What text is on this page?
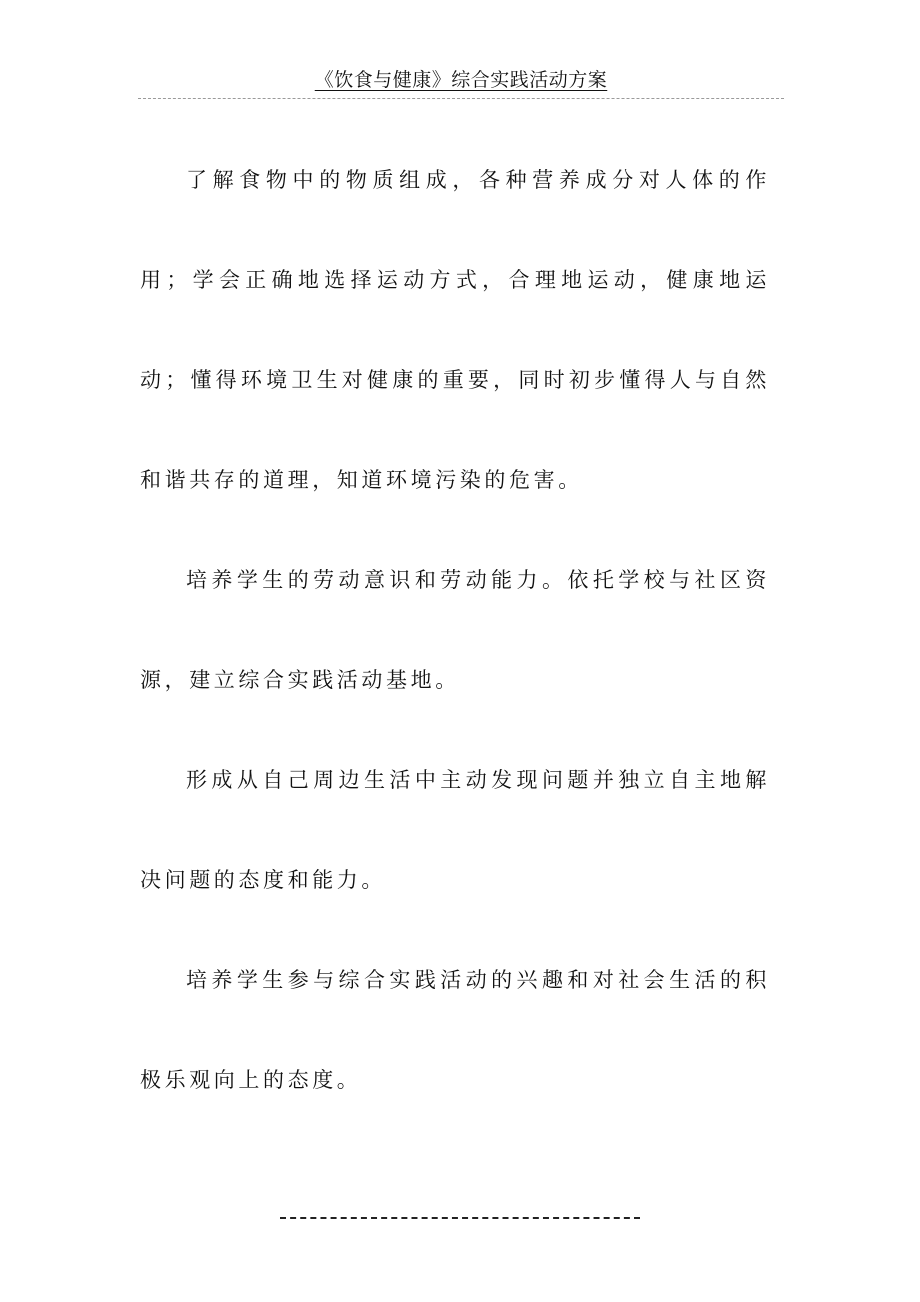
《饮食与健康》综合实践活动方案

了解食物中的物质组成，各种营养成分对人体的作用；学会正确地选择运动方式，合理地运动，健康地运动；懂得环境卫生对健康的重要，同时初步懂得人与自然和谐共存的道理，知道环境污染的危害。

培养学生的劳动意识和劳动能力。依托学校与社区资源，建立综合实践活动基地。

形成从自己周边生活中主动发现问题并独立自主地解决问题的态度和能力。

培养学生参与综合实践活动的兴趣和对社会生活的积极乐观向上的态度。
